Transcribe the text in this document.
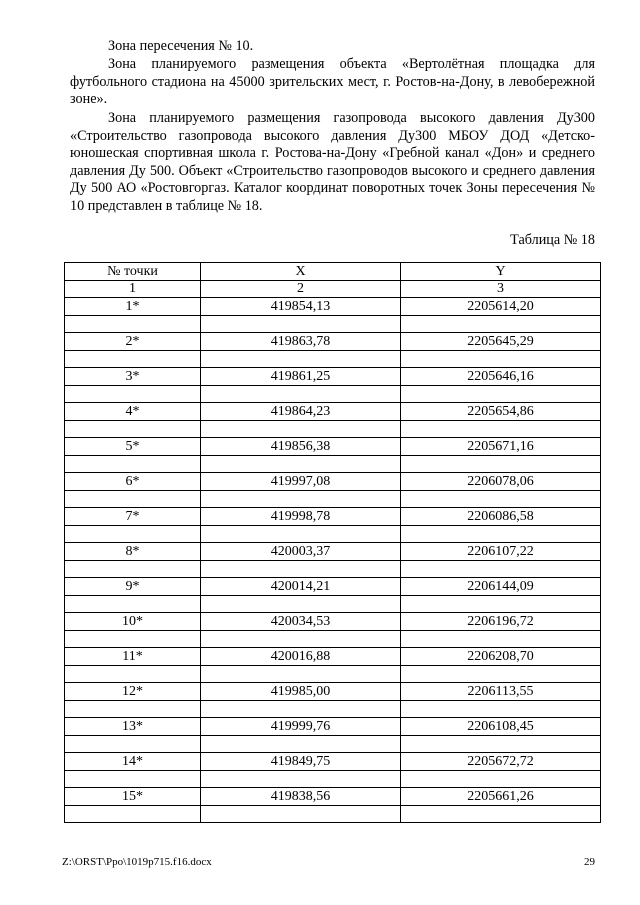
Зона пересечения № 10.
Зона планируемого размещения объекта «Вертолётная площадка для футбольного стадиона на 45000 зрительских мест, г. Ростов-на-Дону, в левобережной зоне».
Зона планируемого размещения газопровода высокого давления Ду300 «Строительство газопровода высокого давления Ду300 МБОУ ДОД «Детско-юношеская спортивная школа г. Ростова-на-Дону «Гребной канал «Дон» и среднего давления Ду 500. Объект «Строительство газопроводов высокого и среднего давления Ду 500 АО «Ростовгоргаз. Каталог координат поворотных точек Зоны пересечения № 10 представлен в таблице № 18.
Таблица № 18
№ точки	X	Y
1	2	3
1*	419854,13	2205614,20

2*	419863,78	2205645,29

3*	419861,25	2205646,16

4*	419864,23	2205654,86

5*	419856,38	2205671,16

6*	419997,08	2206078,06

7*	419998,78	2206086,58

8*	420003,37	2206107,22

9*	420014,21	2206144,09

10*	420034,53	2206196,72

11*	420016,88	2206208,70

12*	419985,00	2206113,55

13*	419999,76	2206108,45

14*	419849,75	2205672,72

15*	419838,56	2205661,26

Z:\ORST\Ppo\1019p715.f16.docx	29
